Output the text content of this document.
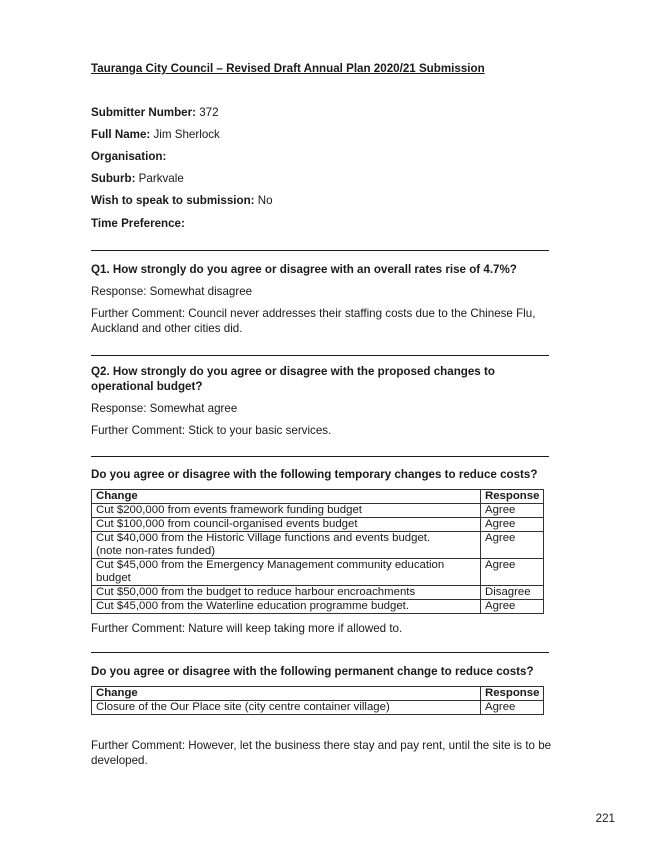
Tauranga City Council – Revised Draft Annual Plan 2020/21 Submission
Submitter Number: 372
Full Name: Jim Sherlock
Organisation:
Suburb: Parkvale
Wish to speak to submission: No
Time Preference:
Q1. How strongly do you agree or disagree with an overall rates rise of 4.7%?
Response: Somewhat disagree
Further Comment: Council never addresses their staffing costs due to the Chinese Flu, Auckland and other cities did.
Q2. How strongly do you agree or disagree with the proposed changes to operational budget?
Response: Somewhat agree
Further Comment: Stick to your basic services.
Do you agree or disagree with the following temporary changes to reduce costs?
Change	Response
Cut $200,000 from events framework funding budget	Agree
Cut $100,000 from council-organised events budget	Agree

Cut $40,000 from the Historic Village functions and events budget.
(note non-rates funded)	Agree
Cut $45,000 from the Emergency Management community education budget	Agree
Cut $50,000 from the budget to reduce harbour encroachments	Disagree
Cut $45,000 from the Waterline education programme budget.	Agree
Further Comment: Nature will keep taking more if allowed to.
Do you agree or disagree with the following permanent change to reduce costs?
Change	Response
Closure of the Our Place site (city centre container village)	Agree
Further Comment: However, let the business there stay and pay rent, until the site is to be developed.
221
